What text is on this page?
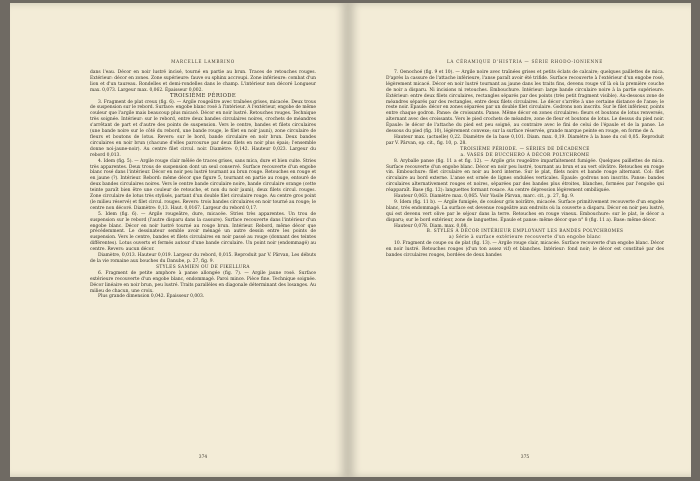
MARCELLE LAMBRINO

dans l'eau. Décor en noir lustré incisé, tourné en partie au brun. Traces de retouches rouges. Extérieur: décor en zones. Zone supérieure: fauve ou sphinx accroupi. Zone inférieure: combat d'un lion et d'un taureau. Rondelles et demi-rondelles dans le champ. L'intérieur non décoré Longueur max. 0,073. Largeur max. 0,062. Épaisseur 0,002.

TROISIÈME PÉRIODE

3. Fragment de plat creux (fig. 6). — Argile rougeâtre avec traînées grises, micacée. Deux trous de suspension sur le rebord. Surface: engobe blanc rosé à l'intérieur. A l'extérieur, engobe de même couleur que l'argile mais beaucoup plus micacé. Décor en noir lustré. Retouches rouges. Technique très soignée. Intérieur: sur le rebord, entre deux bandes circulaires noires, crochets de méandres s'arrêtant de part et d'autre des points de suspension. Vers le centre, bandes et filets circulaires (une bande noire sur le côté du rebord, une bande rouge, le filet en noir jauni), zone circulaire de fleurs et boutons de lotus. Revers: sur le bord, bande circulaire en noir brun. Deux bandes circulaires en noir brun (chacune d'elles parcourue par deux filets en noir plus épais; l'ensemble donne noi-jaune-noir). Au centre filet circul. noir. Diamètre: 0,142. Hauteur 0,023. Largeur du rebord 0,013.

4. Idem (fig. 5). — Argile rouge clair mêlée de traces grises, sans mica, dure et bien cuite. Stries très apparentes. Deux trous de suspension dont un seul conservé. Surface recouverte d'un engobe blanc rosé dans l'intérieur. Décor en noir peu lustré tournant au brun rouge. Retouches en rouge et en jaune (?). Intérieur. Rebord: même décor que figure 5, tournant en partie au rouge, entouré de deux bandes circulaires noires. Vers le centre bande circulaire noire, bande circulaire orange (cette teinte paraît bien être une couleur de retouche, et non du noir jauni), deux filets circul. rouges. Zone circulaire de lotus très stylisés, partant d'un double filet circulaire rouge. Au centre gros point (le milieu réservé) et filet circul. rouges. Revers: trois bandes circulaires en noir tourné au rouge; le centre non décoré. Diamètre: 0,13. Haut. 0,0167. Largeur du rebord 0,17.

5. Idem (fig. 6). — Argile rougeâtre, dure, micacée. Stries très apparentes. Un trou de suspension sur le rebord (l'autre disparu dans la cassure). Surface recouverte dans l'intérieur d'un engobe blanc. Décor en noir lustré tourné au rouge brun. Intérieur. Rebord, même décor que précédemment. Le dessinateur semble avoir ménagé un autre dessin entre les points de suspension. Vers le centre, bandes et filets circulaires en noir passé au rouge (donnant des teintes différentes). Lotus ouverts et fermés autour d'une bande circulaire. Un point noir (endommagé) au centre. Revers: aucun décor.

Diamètre, 0,013. Hauteur 0,019. Largeur du rebord, 0,015. Reproduit par V. Pârvan, Les débuts de la vie romaine aux bouches du Danube, p. 27, fig. 9.

STYLES SAMIEN OU DE FIKELLURA

6. Fragment de petite amphore à panse allongée (fig. 7). — Argile jaune rosé. Surface extérieure recouverte d'un engobe blanc, endommagé. Paroi mince. Pièce fine. Technique soignée. Décor linéaire en noir brun, peu lustré. Traits parallèles en diagonale déterminant des losanges. Au milieu de chacun, une croix.

Plus grande dimension 0,042. Épaisseur 0,003.

374
LA CÉRAMIQUE D'HISTRIA — SÉRIE RHODO-IONIENNE

7. Oenochoé (fig. 9 et 10). — Argile noire avec traînées grises et petits éclats de calcaire; quelques paillettes de mica. D'après la cassure de l'attache inférieure, l'anse paraît avoir été trifide. Surface recouverte à l'extérieur d'un engobe rosé, légèrement micacé. Décor en noir lustré tournant au jaune dans les traits fins, devenu rouge vif là où la première couche de noir a disparu. Ni incisions ni retouches. Embouchure. Intérieur: large bande circulaire noire à la partie supérieure. Extérieur: entre deux filets circulaires, rectangles séparés par des points (très petit fragment visible). Au-dessous zone de méandres séparés par des rectangles, entre deux filets circulaires. Le décor s'arrête à une certaine distance de l'anse; le reste noir. Épaule: décor en zones séparées par un double filet circulaire. Godrons non inscrits. Sur le filet inférieur, points entre chaque godron. Panse: de croissants. Panse. Même décor en zones circulaires: fleurs et boutons de lotus renversés, alternant avec des croissants. Vers le pied crochets de méandre, zone de fleur et boutons de lotus. Le dessus du pied noir. Épaule: le décor de l'attache du pied est peu soigné, au contraire avec le fini de celui de l'épaule et de la panse. Le dessous du pied (fig. 10), légèrement convexe; sur la surface réservée, grande marque peinte en rouge, en forme de Δ.

Hauteur max. (actuelle) 0,22. Diamètre de la base 0,101. Diam. max. 0,19. Diamètre à la base du col 0,05. Reproduit par V. Pârvan, op. cit., fig. 10, p. 28.

TROISIÈME PÉRIODE. — SÉRIES DE DÉCADENCE

a. VASES DE BUCCHERO À DÉCOR POLYCHROME

8. Aryballe panse (fig. 11 a et fig. 12). — Argile gris rougeâtre imparfaitement fumigée. Quelques paillettes de mica. Surface recouverte d'un engobe blanc. Décor en noir peu lustré, tournant au brun et au vert olivâtre. Retouches en rouge vin. Embouchure: filet circulaire en noir au bord interne. Sur le plat, filets noirs et bande rouge alternant. Col: filet circulaire au bord externe. L'anse est ornée de lignes ondulées verticales. Épaule: godrons non inscrits. Panse: bandes circulaires alternativement rouges et noires, séparées par des bandes plus étroites, blanches, formées par l'engobe qui réapparaît. Base (fig. 12): languettes formant rosace. Au centre dépression légèrement ombiliquée.

Hauteur 0,063. Diamètre max. 0,065. Voir Vasile Pârvan, marc. cit., p. 27, fig. 9.

9. Idem (fig. 11 b). — Argile fumigée, de couleur gris noirâtre, micacée. Surface primitivement recouverte d'un engobe blanc, très endommagé. La surface est devenue rougeâtre aux endroits où la couverte a disparu. Décor en noir peu lustré, qui est devenu vert olive par le séjour dans la terre. Retouches en rouge vineux. Embouchure: sur le plat, le décor a disparu; sur le bord extérieur, zone de languettes. Épaule et panse: même décor que n° 8 (fig. 11 a). Base: même décor.

Hauteur 0,078. Diam. max. 0,08.

B. STYLES À DÉCOR INTÉRIEUR EMPLOYANT LES BANDES POLYCHROMES

a) Série à surface extérieure recouverte d'un engobe blanc

10. Fragment de coupe ou de plat (fig. 13). — Argile rouge clair, micacée. Surface recouverte d'un engobe blanc. Décor en noir lustré. Retouches rouges (d'un ton assez vif) et blanches. Intérieur: fond noir; le décor est constitué par des bandes circulaires rouges, bordées de deux bandes

375
